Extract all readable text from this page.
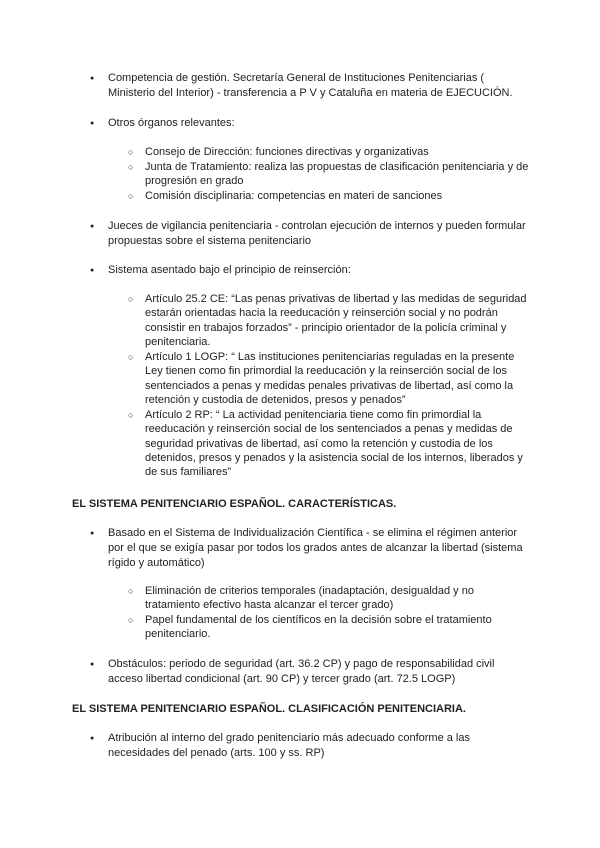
● Competencia de gestión. Secretaría General de Instituciones Penitenciarias ( Ministerio del Interior) - transferencia a P V y Cataluña en materia de EJECUCIÓN.
● Otros órganos relevantes:
○ Consejo de Dirección: funciones directivas y organizativas
○ Junta de Tratamiento: realiza las propuestas de clasificación penitenciaria y de progresión en grado
○ Comisión disciplinaria: competencias en materi de sanciones
● Jueces de vigilancia penitenciaria - controlan ejecución de internos y pueden formular propuestas sobre el sistema penitenciario
● Sistema asentado bajo el principio de reinserción:
○ Artículo 25.2 CE: “Las penas privativas de libertad y las medidas de seguridad estarán orientadas hacia la reeducación y reinserción social y no podrán consistir en trabajos forzados” - principio orientador de la policía criminal y penitenciaria.
○ Artículo 1 LOGP: “ Las instituciones penitenciarias reguladas en la presente Ley tienen como fin primordial la reeducación y la reinserción social de los sentenciados a penas y medidas penales privativas de libertad, así como la retención y custodia de detenidos, presos y penados”
○ Artículo 2 RP: “ La actividad penitenciaria tiene como fin primordial la reeducación y reinserción social de los sentenciados a penas y medidas de seguridad privativas de libertad, así como la retención y custodia de los detenidos, presos y penados y la asistencia social de los internos, liberados y de sus familiares”
EL SISTEMA PENITENCIARIO ESPAÑOL. CARACTERÍSTICAS.
● Basado en el Sistema de Individualización Científica - se elimina el régimen anterior por el que se exigía pasar por todos los grados antes de alcanzar la libertad (sistema rígido y automático)
○ Eliminación de criterios temporales (inadaptación, desigualdad y no tratamiento efectivo hasta alcanzar el tercer grado)
○ Papel fundamental de los científicos en la decisión sobre el tratamiento penitenciario.
● Obstáculos: periodo de seguridad (art. 36.2 CP) y pago de responsabilidad civil acceso libertad condicional (art. 90 CP) y tercer grado (art. 72.5 LOGP)
EL SISTEMA PENITENCIARIO ESPAÑOL. CLASIFICACIÓN PENITENCIARIA.
● Atribución al interno del grado penitenciario más adecuado conforme a las necesidades del penado (arts. 100 y ss. RP)
